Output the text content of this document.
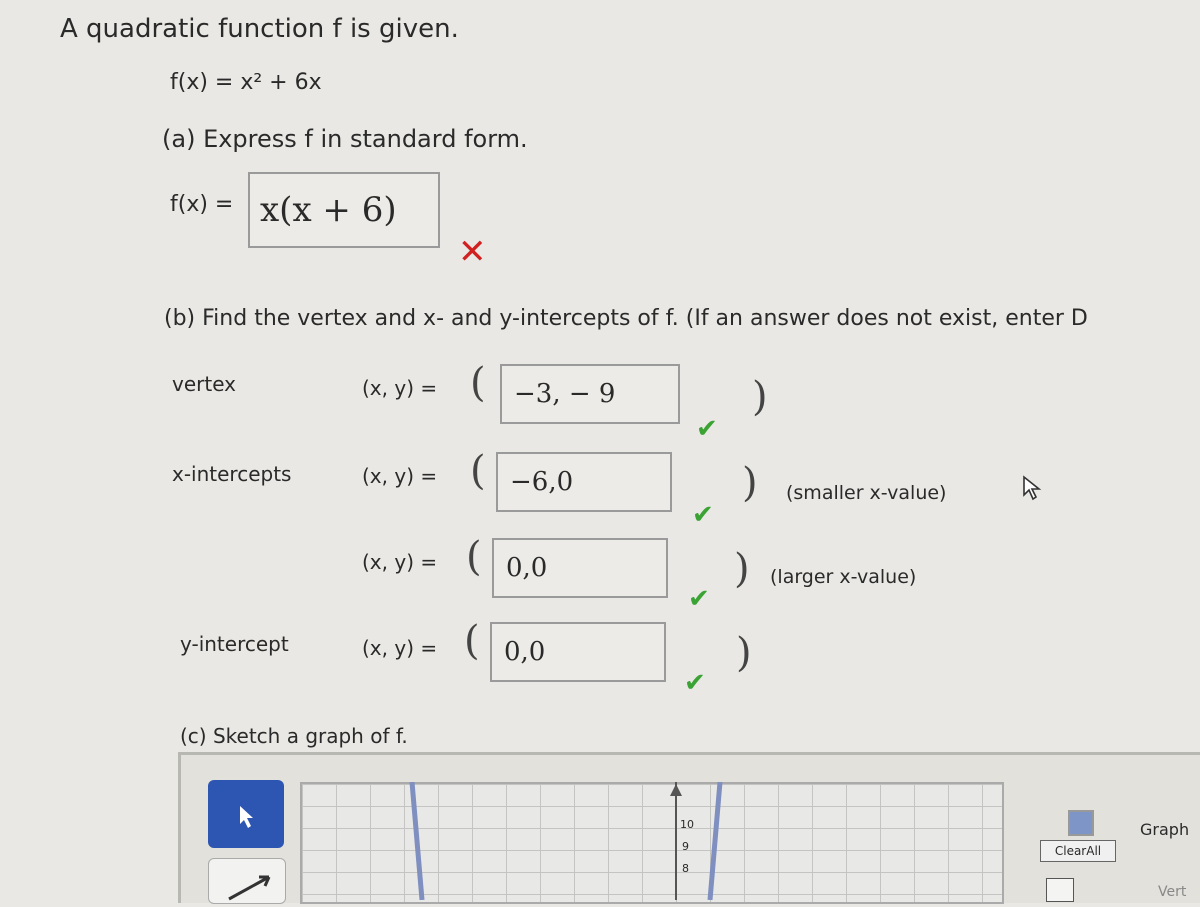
A quadratic function f is given.
f(x) = x² + 6x
(a) Express f in standard form.
f(x) = x(x + 6)
✕
(b) Find the vertex and x- and y-intercepts of f. (If an answer does not exist, enter D
vertex	(x, y) = (	−3, − 9	)
✔
x-intercepts	(x, y) = ( −6,0	) (smaller x-value)
✔
(x, y) = ( 0,0	) (larger x-value)
✔
y-intercept	(x, y) = ( 0,0	)
✔
(c) Sketch a graph of f.
10
9
8
ClearAll
Graph
Vert
